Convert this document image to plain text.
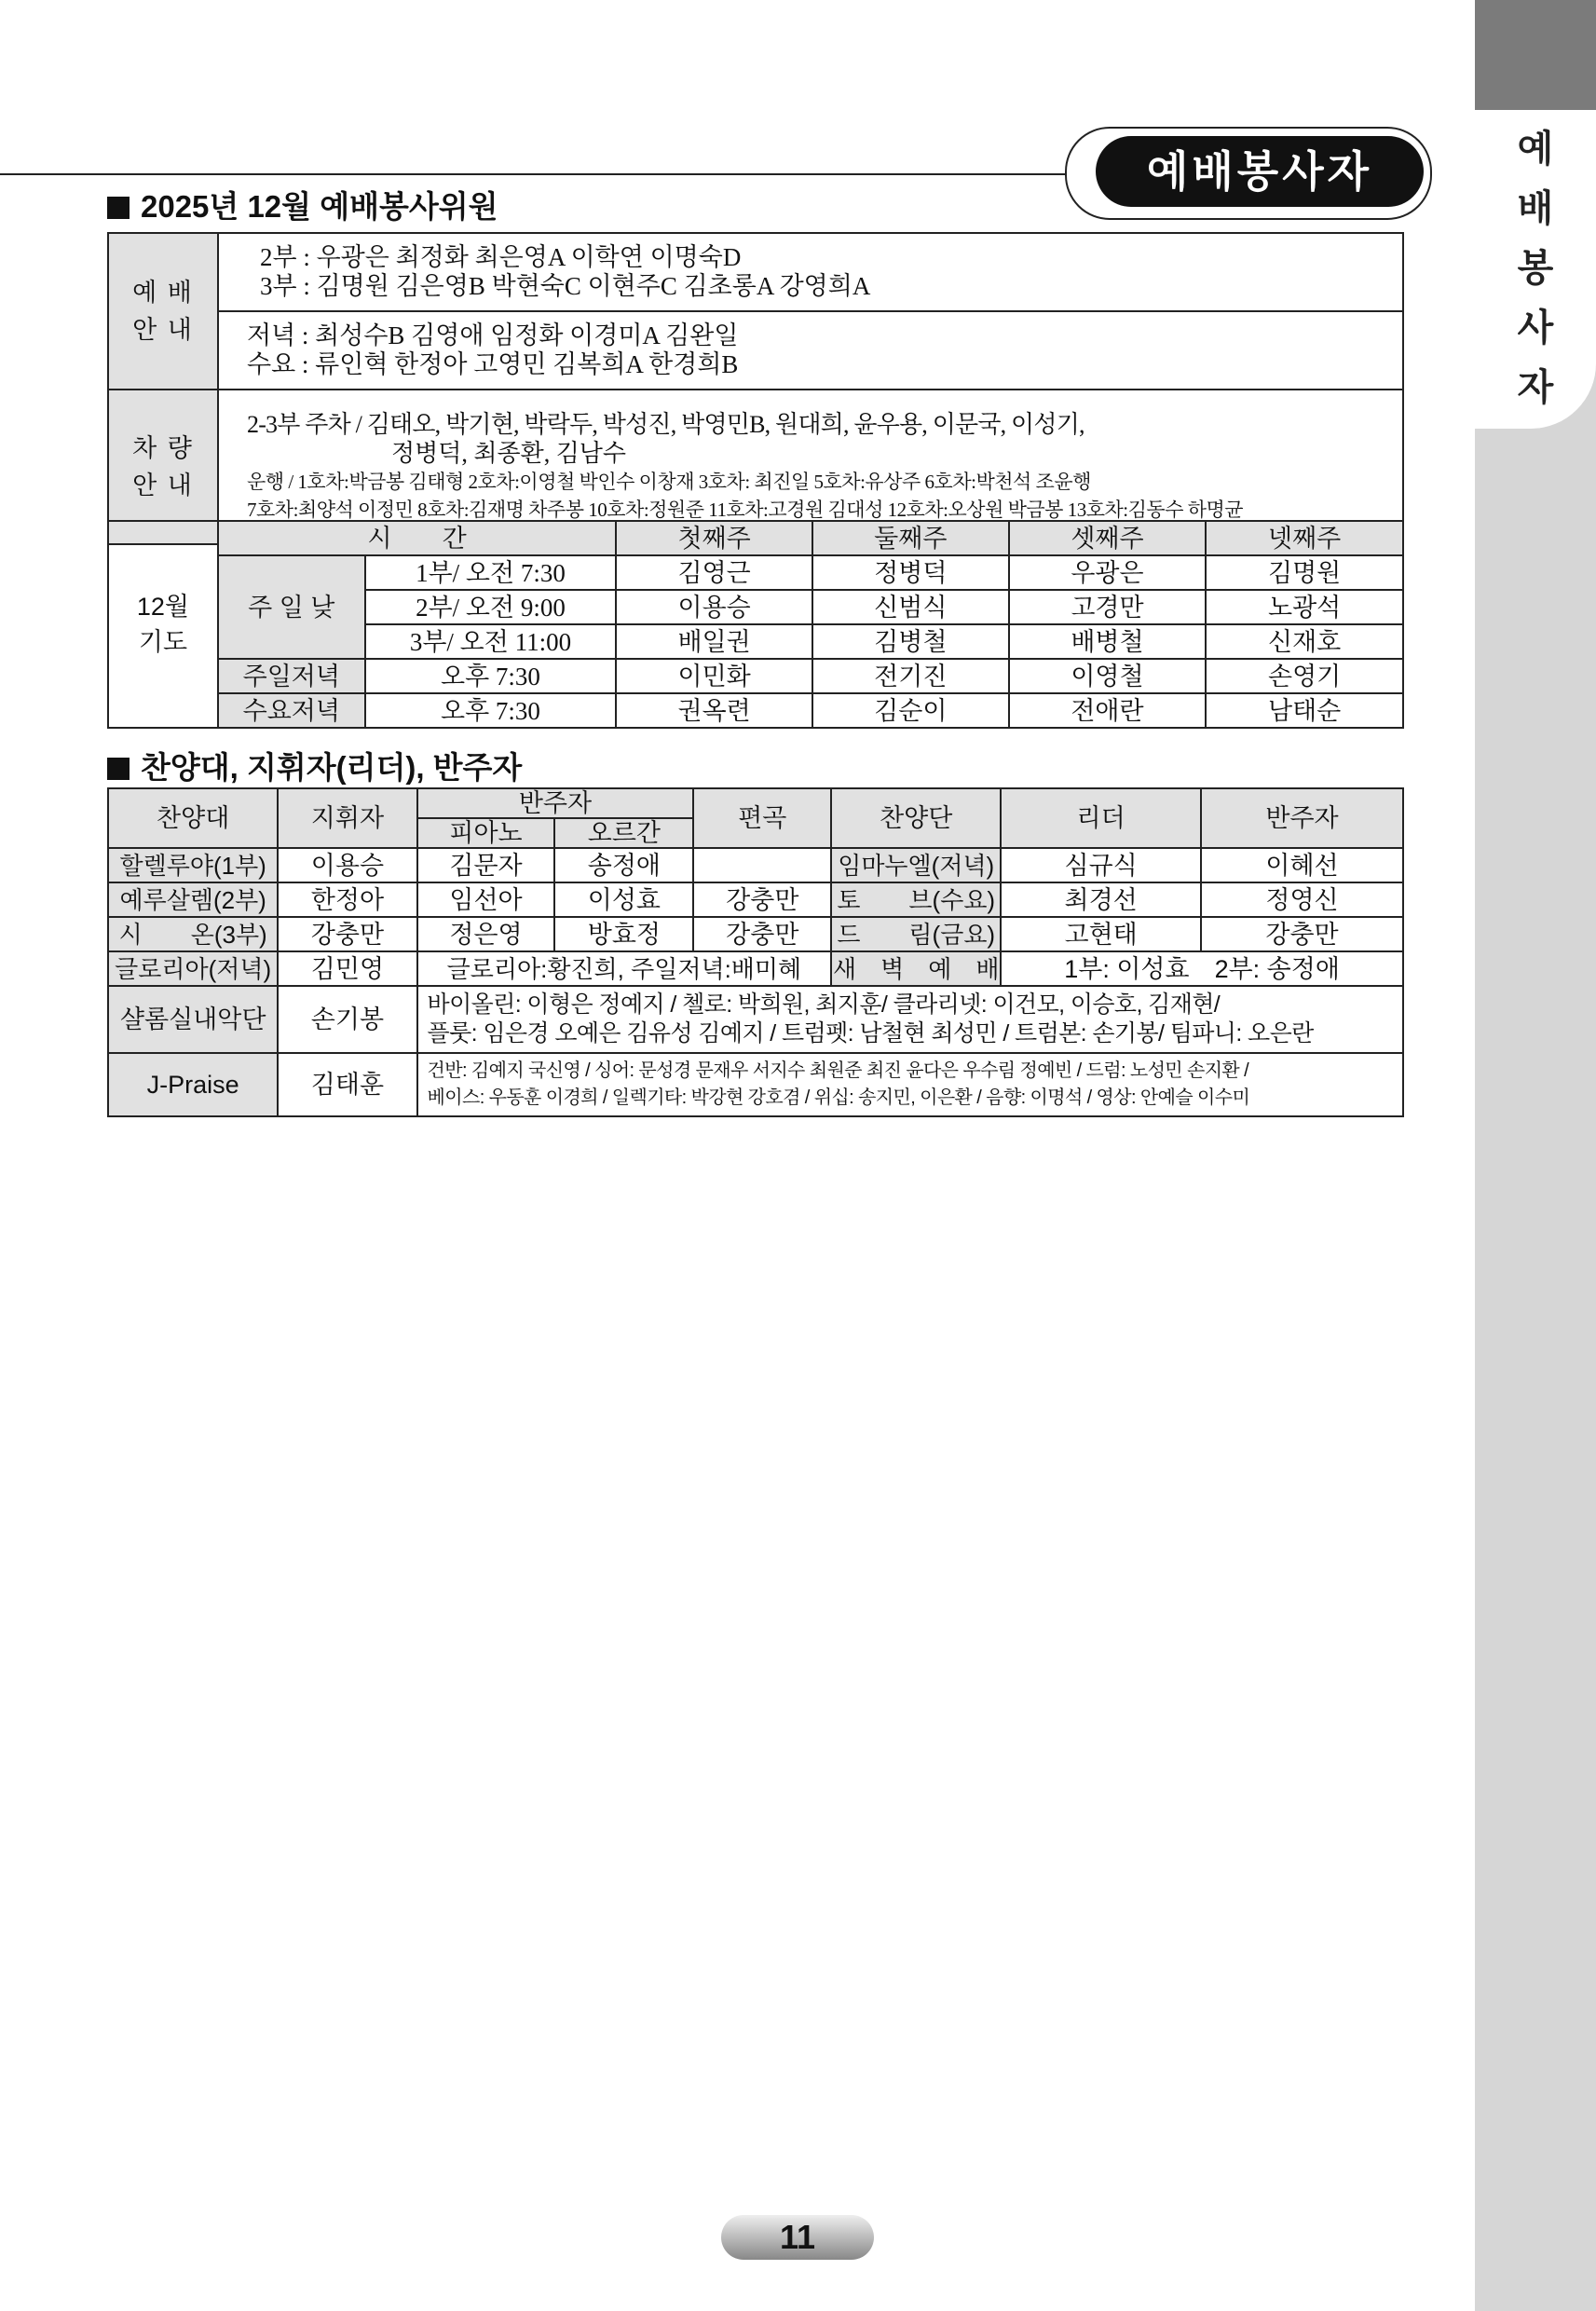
예
배
봉
사
자
예배봉사자
2025년 12월 예배봉사위원
예 배
안 내	2부 : 우광은 최정화 최은영A 이학연 이명숙D
3부 : 김명원 김은영B 박현숙C 이현주C 김초롱A 강영희A

	저녁 : 최성수B 김영애 임정화 이경미A 김완일
수요 : 류인혁 한정아 고영민 김복희A 한경희B

차 량
안 내	2-3부 주차 / 김태오, 박기현, 박락두, 박성진, 박영민B, 원대희, 윤우용, 이문국, 이성기,
정병덕, 최종환, 김남수
운행 / 1호차:박금봉 김태형 2호차:이영철 박인수 이창재 3호차: 최진일 5호차:유상주 6호차:박천석 조윤행
7호차:최양석 이정민 8호차:김재명 차주봉 10호차:정원준 11호차:고경원 김대성 12호차:오상원 박금봉 13호차:김동수 하명균
12월
기도	시　　간		첫째주	둘째주	셋째주	넷째주
	주 일 낮	1부/ 오전 7:30	김영근	정병덕	우광은	김명원
		2부/ 오전 9:00	이용승	신범식	고경만	노광석
		3부/ 오전 11:00	배일권	김병철	배병철	신재호
	주일저녁	오후 7:30	이민화	전기진	이영철	손영기
	수요저녁	오후 7:30	권옥련	김순이	전애란	남태순
찬양대, 지휘자(리더), 반주자
찬양대	지휘자	반주자		편곡	찬양단	리더	반주자
		피아노	오르간				
할렐루야(1부)	이용승	김문자	송정애		임마누엘(저녁)	심규식	이혜선
예루살렘(2부)	한정아	임선아	이성효	강충만	토　　브(수요)	최경선	정영신
시　　온(3부)	강충만	정은영	방효정	강충만	드　　림(금요)	고현태	강충만
글로리아(저녁)	김민영	글로리아:황진희, 주일저녁:배미혜			새　벽　예　배	1부: 이성효　2부: 송정애	
샬롬실내악단	손기봉	바이올린: 이형은 정예지 / 첼로: 박희원, 최지훈/ 클라리넷: 이건모, 이승호, 김재현/
플룻: 임은경 오예은 김유성 김예지 / 트럼펫: 남철현 최성민 / 트럼본: 손기봉/ 팀파니: 오은란					

J-Praise	김태훈	건반: 김예지 국신영 / 싱어: 문성경 문재우 서지수 최원준 최진 윤다은 우수림 정예빈 / 드럼: 노성민 손지환 /
베이스: 우동훈 이경희 / 일렉기타: 박강현 강호겸 / 위십: 송지민, 이은환 / 음향: 이명석 / 영상: 안예슬 이수미					
11
